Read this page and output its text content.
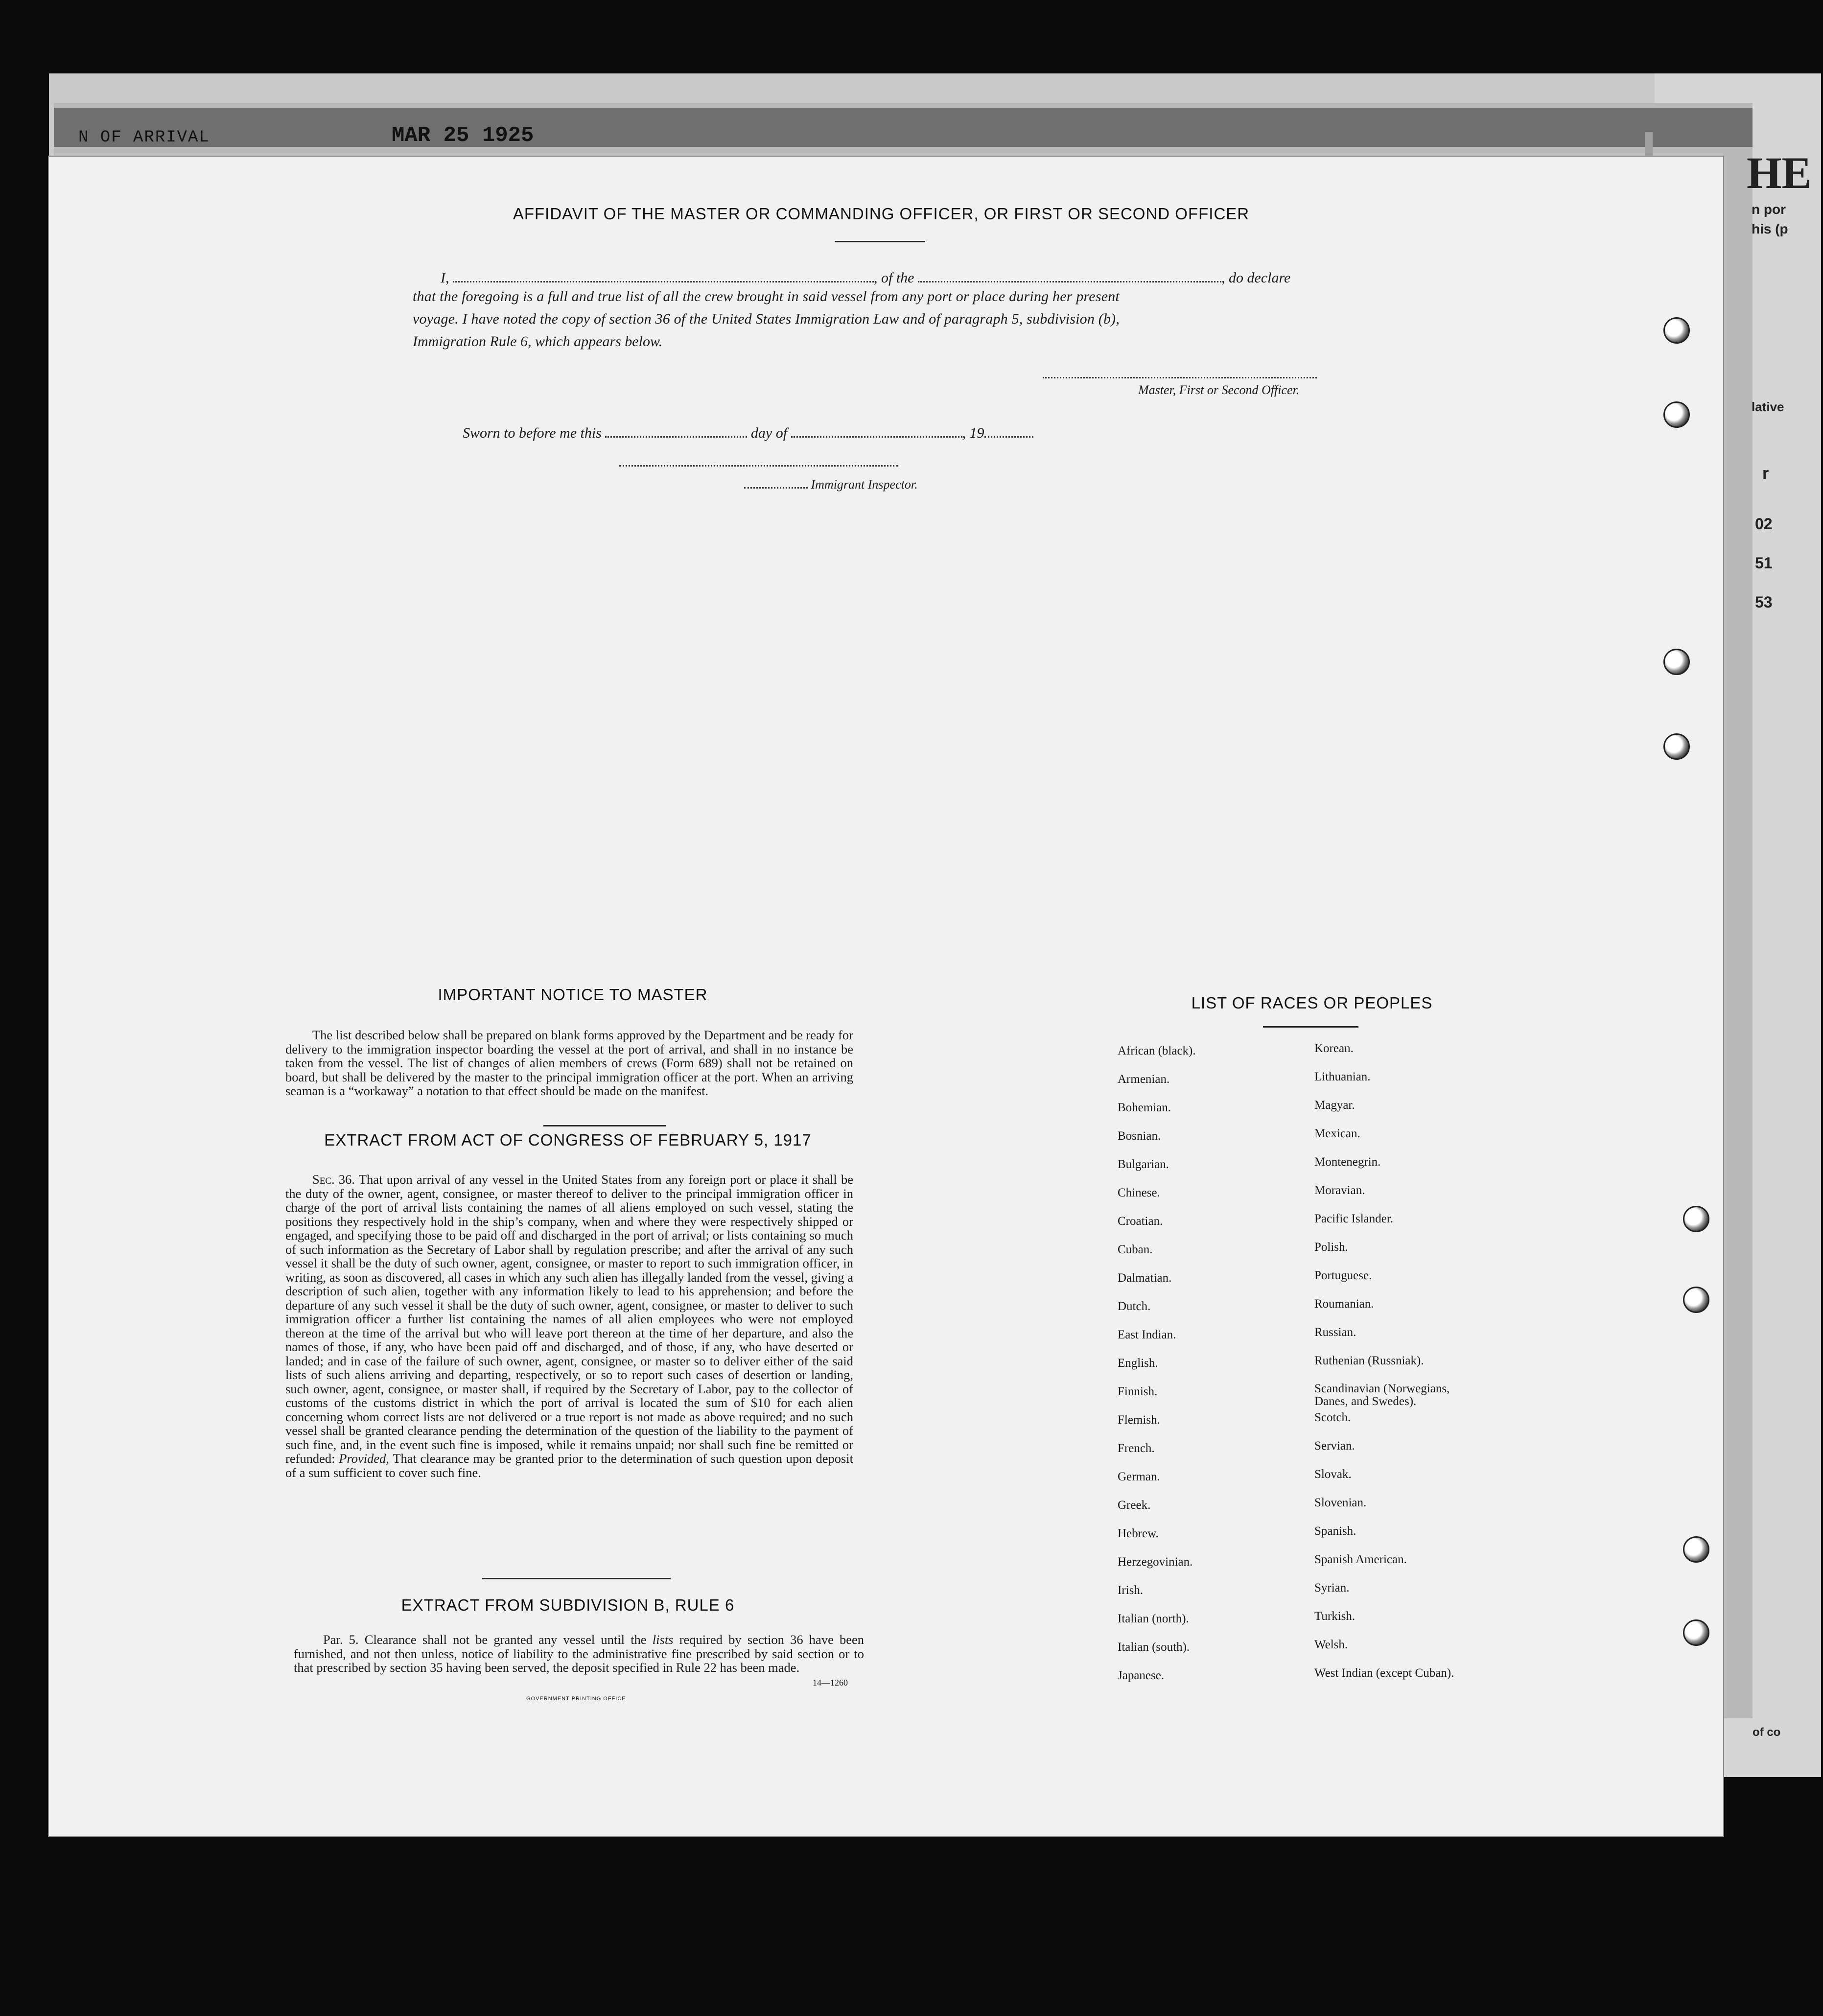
N OF ARRIVAL	MAR 25 1925
HE
n por
his (p
lative
r
02
51
53
of co
AFFIDAVIT OF THE MASTER OR COMMANDING OFFICER, OR FIRST OR SECOND OFFICER
I,	, of the	, do declare
that the foregoing is a full and true list of all the crew brought in said vessel from any port or place during her present
voyage. I have noted the copy of section 36 of the United States Immigration Law and of paragraph 5, subdivision (b),
Immigration Rule 6, which appears below.
Master, First or Second Officer.
Sworn to before me this	day of	, 19
Immigrant Inspector.
IMPORTANT NOTICE TO MASTER
The list described below shall be prepared on blank forms approved by the Department and be ready for delivery to the immigration inspector boarding the vessel at the port of arrival, and shall in no instance be taken from the vessel. The list of changes of alien members of crews (Form 689) shall not be retained on board, but shall be delivered by the master to the principal immigration officer at the port. When an arriving seaman is a “workaway” a notation to that effect should be made on the manifest.
EXTRACT FROM ACT OF CONGRESS OF FEBRUARY 5, 1917
Sec. 36. That upon arrival of any vessel in the United States from any foreign port or place it shall be the duty of the owner, agent, consignee, or master thereof to deliver to the principal immigration officer in charge of the port of arrival lists containing the names of all aliens employed on such vessel, stating the positions they respectively hold in the ship’s company, when and where they were respectively shipped or engaged, and specifying those to be paid off and discharged in the port of arrival; or lists containing so much of such information as the Secretary of Labor shall by regulation prescribe; and after the arrival of any such vessel it shall be the duty of such owner, agent, consignee, or master to report to such immigration officer, in writing, as soon as discovered, all cases in which any such alien has illegally landed from the vessel, giving a description of such alien, together with any information likely to lead to his apprehension; and before the departure of any such vessel it shall be the duty of such owner, agent, consignee, or master to deliver to such immigration officer a further list containing the names of all alien employees who were not employed thereon at the time of the arrival but who will leave port thereon at the time of her departure, and also the names of those, if any, who have been paid off and discharged, and of those, if any, who have deserted or landed; and in case of the failure of such owner, agent, consignee, or master so to deliver either of the said lists of such aliens arriving and departing, respectively, or so to report such cases of desertion or landing, such owner, agent, consignee, or master shall, if required by the Secretary of Labor, pay to the collector of customs of the customs district in which the port of arrival is located the sum of $10 for each alien concerning whom correct lists are not delivered or a true report is not made as above required; and no such vessel shall be granted clearance pending the determination of the question of the liability to the payment of such fine, and, in the event such fine is imposed, while it remains unpaid; nor shall such fine be remitted or refunded: Provided, That clearance may be granted prior to the determination of such question upon deposit of a sum sufficient to cover such fine.
EXTRACT FROM SUBDIVISION B, RULE 6
Par. 5. Clearance shall not be granted any vessel until the lists required by section 36 have been furnished, and not then unless, notice of liability to the administrative fine prescribed by said section or to that prescribed by section 35 having been served, the deposit specified in Rule 22 has been made.
GOVERNMENT PRINTING OFFICE
14—1260
LIST OF RACES OR PEOPLES
African (black).
Armenian.
Bohemian.
Bosnian.
Bulgarian.
Chinese.
Croatian.
Cuban.
Dalmatian.
Dutch.
East Indian.
English.
Finnish.
Flemish.
French.
German.
Greek.
Hebrew.
Herzegovinian.
Irish.
Italian (north).
Italian (south).
Japanese.
Korean.
Lithuanian.
Magyar.
Mexican.
Montenegrin.
Moravian.
Pacific Islander.
Polish.
Portuguese.
Roumanian.
Russian.
Ruthenian (Russniak).
Scandinavian (Norwegians, Danes, and Swedes).
Scotch.
Servian.
Slovak.
Slovenian.
Spanish.
Spanish American.
Syrian.
Turkish.
Welsh.
West Indian (except Cuban).
